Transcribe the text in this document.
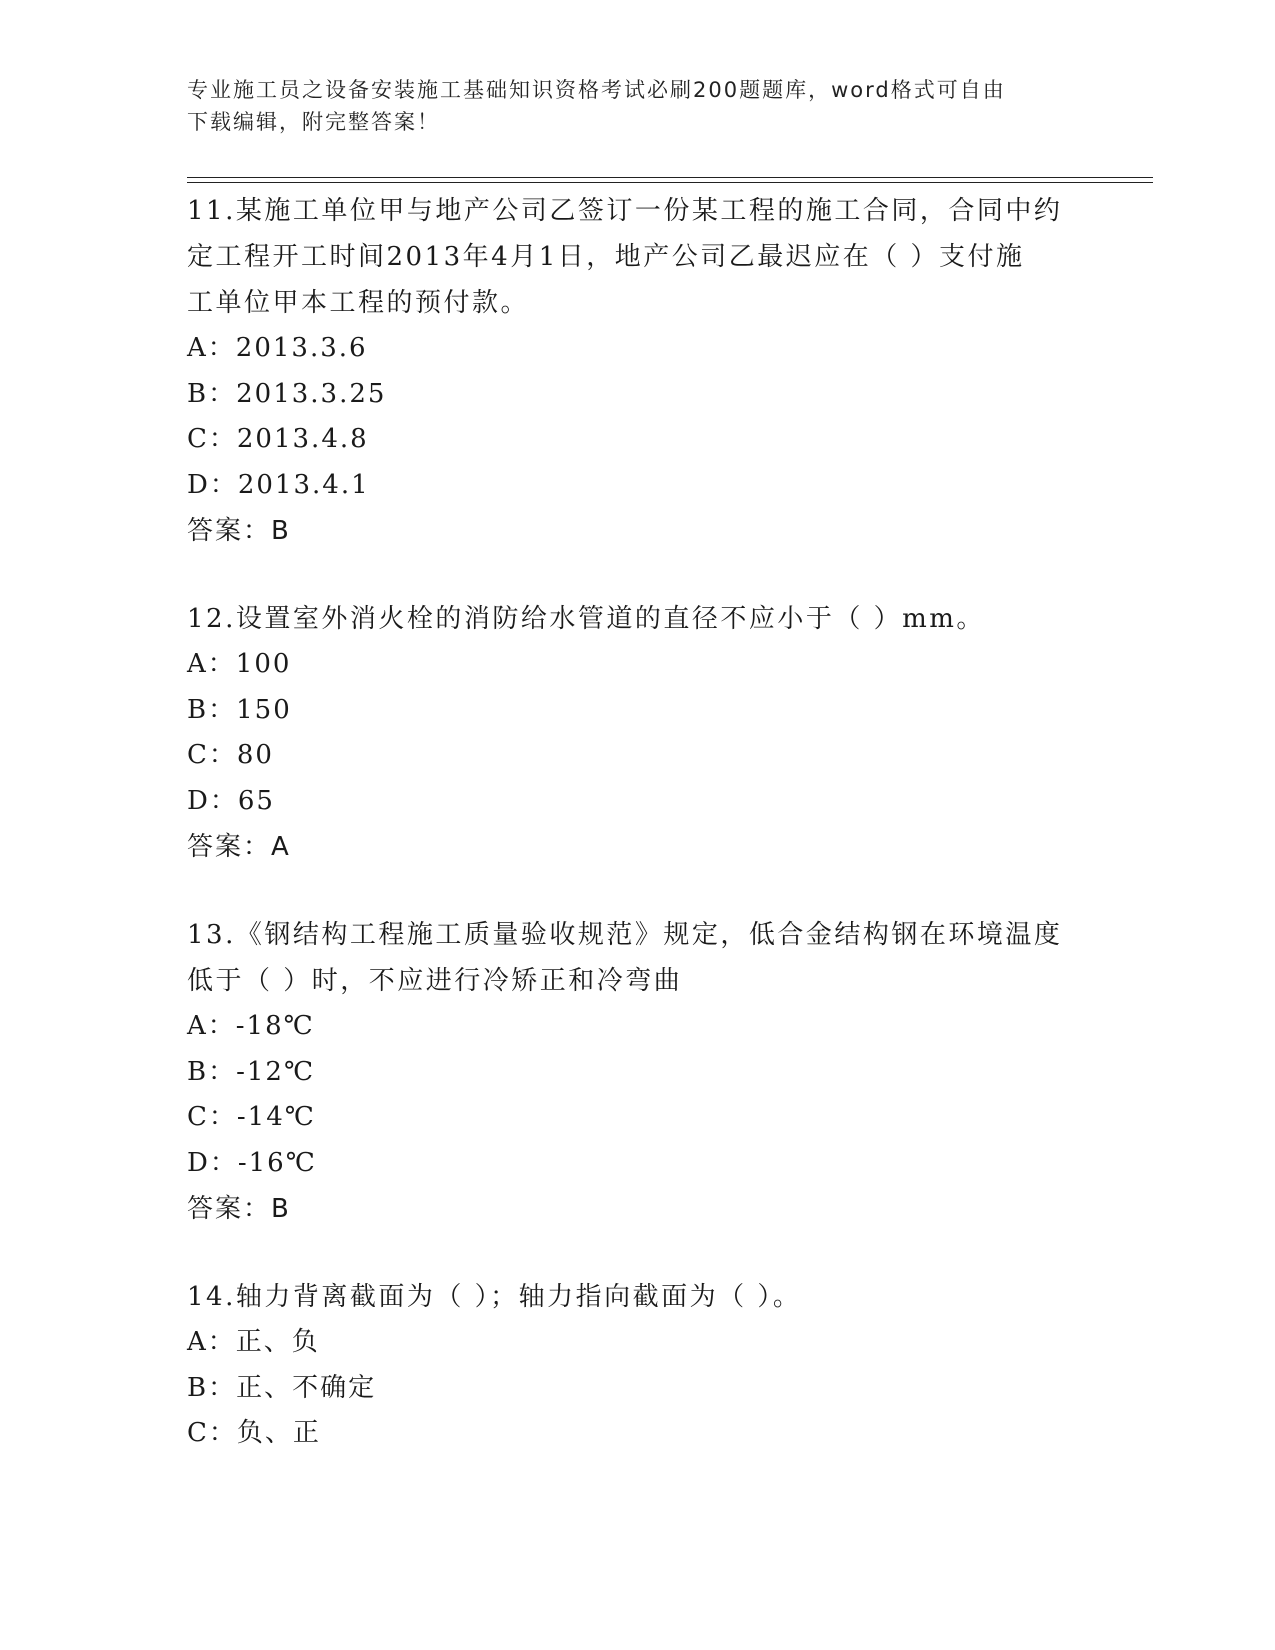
专业施工员之设备安装施工基础知识资格考试必刷200题题库，word格式可自由
下载编辑，附完整答案！

11.某施工单位甲与地产公司乙签订一份某工程的施工合同，合同中约

定工程开工时间2013年4月1日，地产公司乙最迟应在（ ）支付施

工单位甲本工程的预付款。

A：2013.3.6

B：2013.3.25

C：2013.4.8

D：2013.4.1

答案：B

12.设置室外消火栓的消防给水管道的直径不应小于（ ）mm。

A：100

B：150

C：80

D：65

答案：A

13.《钢结构工程施工质量验收规范》规定，低合金结构钢在环境温度

低于（ ）时，不应进行冷矫正和冷弯曲

A：-18℃

B：-12℃

C：-14℃

D：-16℃

答案：B

14.轴力背离截面为（ ）；轴力指向截面为（ ）。

A：正、负

B：正、不确定

C：负、正
